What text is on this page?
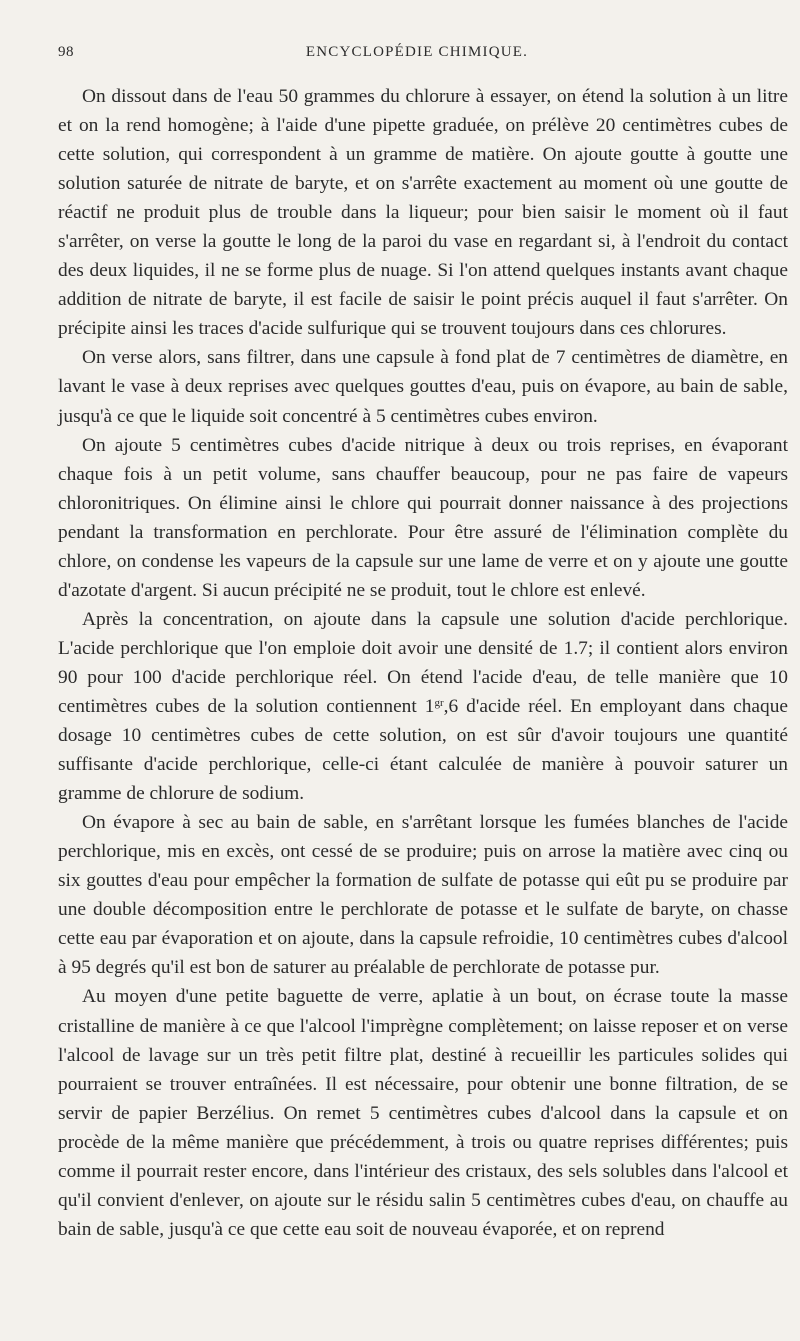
98	ENCYCLOPÉDIE CHIMIQUE.

On dissout dans de l'eau 50 grammes du chlorure à essayer, on étend la solution à un litre et on la rend homogène; à l'aide d'une pipette graduée, on prélève 20 centimètres cubes de cette solution, qui correspondent à un gramme de matière. On ajoute goutte à goutte une solution saturée de nitrate de baryte, et on s'arrête exactement au moment où une goutte de réactif ne produit plus de trouble dans la liqueur; pour bien saisir le moment où il faut s'arrêter, on verse la goutte le long de la paroi du vase en regardant si, à l'endroit du contact des deux liquides, il ne se forme plus de nuage. Si l'on attend quelques instants avant chaque addition de nitrate de baryte, il est facile de saisir le point précis auquel il faut s'arrêter. On précipite ainsi les traces d'acide sulfurique qui se trouvent toujours dans ces chlorures.

On verse alors, sans filtrer, dans une capsule à fond plat de 7 centimètres de diamètre, en lavant le vase à deux reprises avec quelques gouttes d'eau, puis on évapore, au bain de sable, jusqu'à ce que le liquide soit concentré à 5 centimètres cubes environ.

On ajoute 5 centimètres cubes d'acide nitrique à deux ou trois reprises, en évaporant chaque fois à un petit volume, sans chauffer beaucoup, pour ne pas faire de vapeurs chloronitriques. On élimine ainsi le chlore qui pourrait donner naissance à des projections pendant la transformation en perchlorate. Pour être assuré de l'élimination complète du chlore, on condense les vapeurs de la capsule sur une lame de verre et on y ajoute une goutte d'azotate d'argent. Si aucun précipité ne se produit, tout le chlore est enlevé.

Après la concentration, on ajoute dans la capsule une solution d'acide perchlorique. L'acide perchlorique que l'on emploie doit avoir une densité de 1.7; il contient alors environ 90 pour 100 d'acide perchlorique réel. On étend l'acide d'eau, de telle manière que 10 centimètres cubes de la solution contiennent $1^{gr},6$ d'acide réel. En employant dans chaque dosage 10 centimètres cubes de cette solution, on est sûr d'avoir toujours une quantité suffisante d'acide perchlorique, celle-ci étant calculée de manière à pouvoir saturer un gramme de chlorure de sodium.

On évapore à sec au bain de sable, en s'arrêtant lorsque les fumées blanches de l'acide perchlorique, mis en excès, ont cessé de se produire; puis on arrose la matière avec cinq ou six gouttes d'eau pour empêcher la formation de sulfate de potasse qui eût pu se produire par une double décomposition entre le perchlorate de potasse et le sulfate de baryte, on chasse cette eau par évaporation et on ajoute, dans la capsule refroidie, 10 centimètres cubes d'alcool à 95 degrés qu'il est bon de saturer au préalable de perchlorate de potasse pur.

Au moyen d'une petite baguette de verre, aplatie à un bout, on écrase toute la masse cristalline de manière à ce que l'alcool l'imprègne complètement; on laisse reposer et on verse l'alcool de lavage sur un très petit filtre plat, destiné à recueillir les particules solides qui pourraient se trouver entraînées. Il est nécessaire, pour obtenir une bonne filtration, de se servir de papier Berzélius. On remet 5 centimètres cubes d'alcool dans la capsule et on procède de la même manière que précédemment, à trois ou quatre reprises différentes; puis comme il pourrait rester encore, dans l'intérieur des cristaux, des sels solubles dans l'alcool et qu'il convient d'enlever, on ajoute sur le résidu salin 5 centimètres cubes d'eau, on chauffe au bain de sable, jusqu'à ce que cette eau soit de nouveau évaporée, et on reprend
